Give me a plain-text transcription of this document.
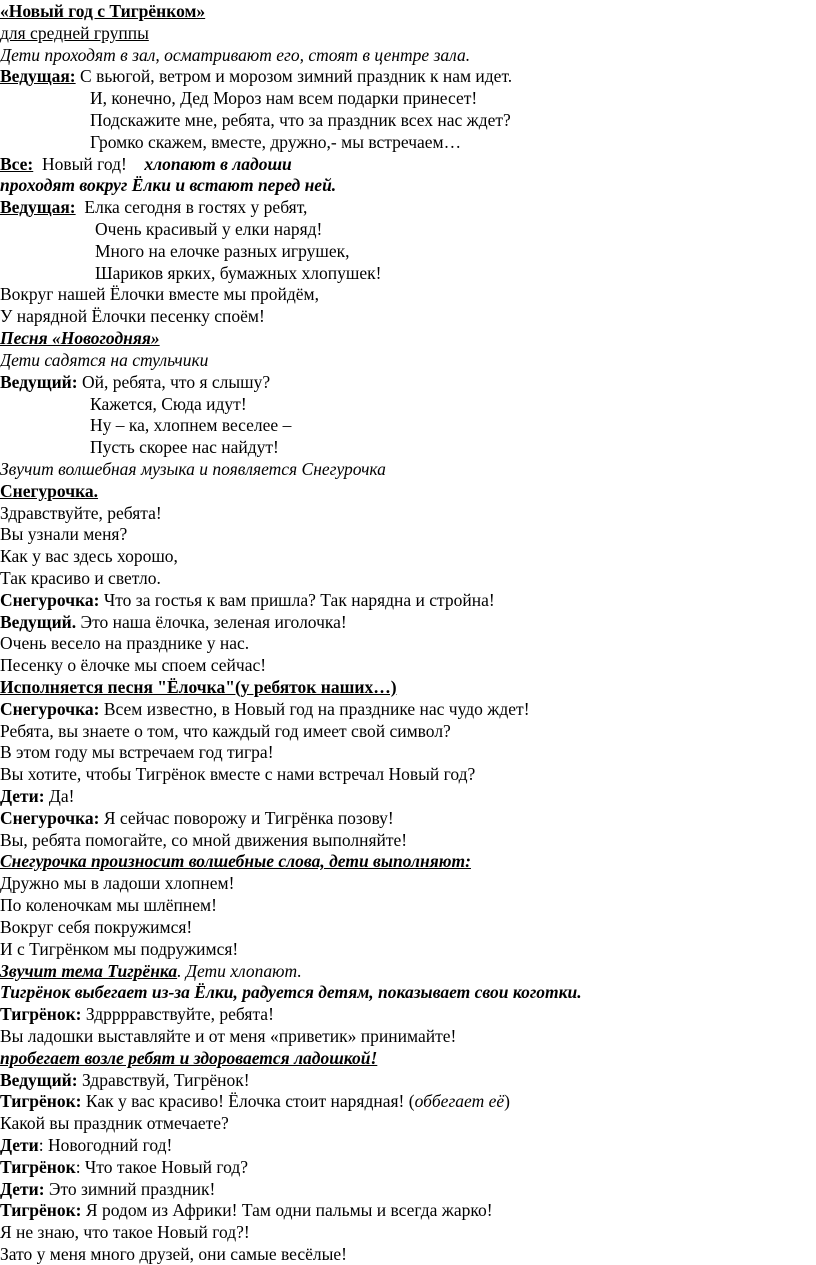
«Новый год с Тигрёнком»
для средней группы
Дети проходят в зал, осматривают его, стоят в центре зала.
Ведущая: С вьюгой, ветром и морозом зимний праздник к нам идет.
И, конечно, Дед Мороз нам всем подарки принесет!
Подскажите мне, ребята, что за праздник всех нас ждет?
Громко скажем, вместе, дружно,- мы встречаем…
Все:  Новый год!    хлопают в ладоши
проходят вокруг Ёлки и встают перед ней.
Ведущая:  Елка сегодня в гостях у ребят,
Очень красивый у елки наряд!
Много на елочке разных игрушек,
Шариков ярких, бумажных хлопушек!
Вокруг нашей Ёлочки вместе мы пройдём,
У нарядной Ёлочки песенку споём!
Песня «Новогодняя»
Дети садятся на стульчики
Ведущий: Ой, ребята, что я слышу?
Кажется, Сюда идут!
Ну – ка, хлопнем веселее –
Пусть скорее нас найдут!
Звучит волшебная музыка и появляется Снегурочка
Снегурочка.
Здравствуйте, ребята!
Вы узнали меня?
Как у вас здесь хорошо,
Так красиво и светло.
Снегурочка: Что за гостья к вам пришла? Так нарядна и стройна!
Ведущий. Это наша ёлочка, зеленая иголочка!
Очень весело на празднике у нас.
Песенку о ёлочке мы споем сейчас!
Исполняется песня "Ёлочка"(у ребяток наших…)
Снегурочка: Всем известно, в Новый год на празднике нас чудо ждет!
Ребята, вы знаете о том, что каждый год имеет свой символ?
В этом году мы встречаем год тигра!
Вы хотите, чтобы Тигрёнок вместе с нами встречал Новый год?
Дети: Да!
Снегурочка: Я сейчас поворожу и Тигрёнка позову!
Вы, ребята помогайте, со мной движения выполняйте!
Снегурочка произносит волшебные слова, дети выполняют:
Дружно мы в ладоши хлопнем!
По коленочкам мы шлёпнем!
Вокруг себя покружимся!
И с Тигрёнком мы подружимся!
Звучит тема Тигрёнка. Дети хлопают.
Тигрёнок выбегает из-за Ёлки, радуется детям, показывает свои коготки.
Тигрёнок: Здрррравствуйте, ребята!
Вы ладошки выставляйте и от меня «приветик» принимайте!
пробегает возле ребят и здоровается ладошкой!
Ведущий: Здравствуй, Тигрёнок!
Тигрёнок: Как у вас красиво! Ёлочка стоит нарядная! (оббегает её)
Какой вы праздник отмечаете?
Дети: Новогодний год!
Тигрёнок: Что такое Новый год?
Дети: Это зимний праздник!
Тигрёнок: Я родом из Африки! Там одни пальмы и всегда жарко!
Я не знаю, что такое Новый год?!
Зато у меня много друзей, они самые весёлые!
